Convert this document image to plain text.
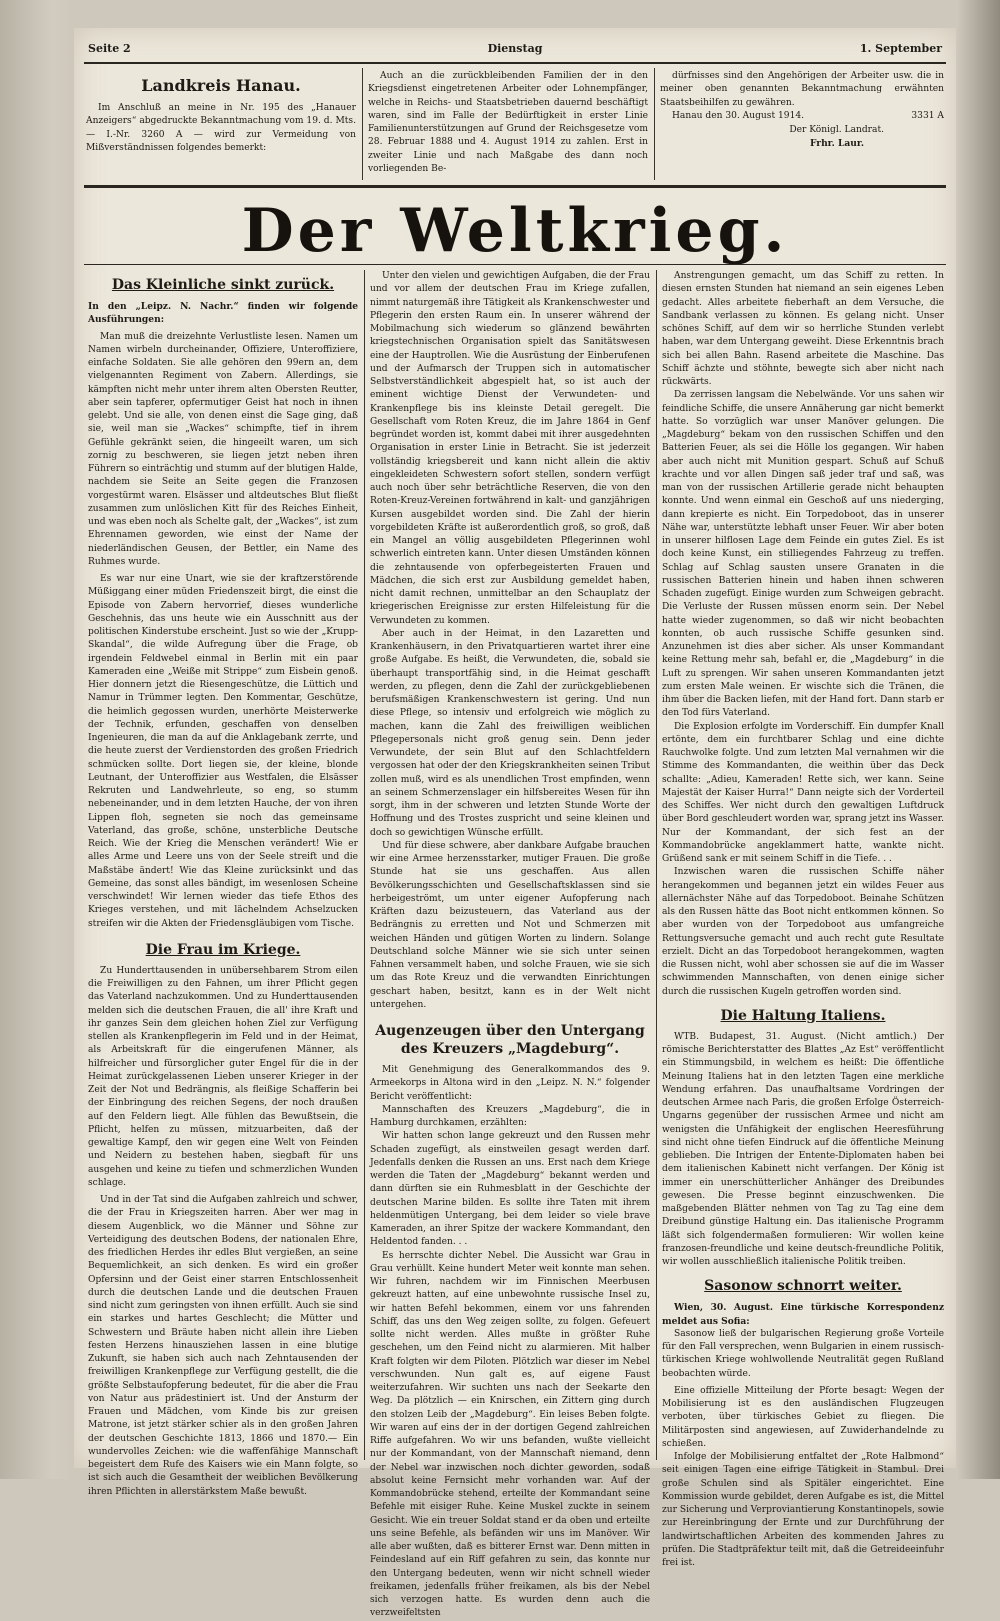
Seite 2	Dienstag	1. September
Landkreis Hanau.

Im Anschluß an meine in Nr. 195 des „Hanauer Anzeigers“ abgedruckte Bekanntmachung vom 19. d. Mts. — I.-Nr. 3260 A — wird zur Vermeidung von Mißverständnissen folgendes bemerkt:

Auch an die zurückbleibenden Familien der in den Kriegsdienst eingetretenen Arbeiter oder Lohnempfänger, welche in Reichs- und Staatsbetrieben dauernd beschäftigt waren, sind im Falle der Bedürftigkeit in erster Linie Familienunterstützungen auf Grund der Reichsgesetze vom 28. Februar 1888 und 4. August 1914 zu zahlen. Erst in zweiter Linie und nach Maßgabe des dann noch vorliegenden Be-

dürfnisses sind den Angehörigen der Arbeiter usw. die in meiner oben genannten Bekanntmachung erwähnten Staatsbeihilfen zu gewähren.

Hanau den 30. August 1914.	3331 A
Der Königl. Landrat.
Frhr. Laur.
Der Weltkrieg.
Das Kleinliche sinkt zurück.

In den „Leipz. N. Nachr.“ finden wir folgende Ausführungen:

Man muß die dreizehnte Verlustliste lesen. Namen um Namen wirbeln durcheinander, Offiziere, Unteroffiziere, einfache Soldaten. Sie alle gehören den 99ern an, dem vielgenannten Regiment von Zabern. Allerdings, sie kämpften nicht mehr unter ihrem alten Obersten Reutter, aber sein tapferer, opfermutiger Geist hat noch in ihnen gelebt. Und sie alle, von denen einst die Sage ging, daß sie, weil man sie „Wackes“ schimpfte, tief in ihrem Gefühle gekränkt seien, die hingeeilt waren, um sich zornig zu beschweren, sie liegen jetzt neben ihren Führern so einträchtig und stumm auf der blutigen Halde, nachdem sie Seite an Seite gegen die Franzosen vorgestürmt waren. Elsässer und altdeutsches Blut fließt zusammen zum unlöslichen Kitt für des Reiches Einheit, und was eben noch als Schelte galt, der „Wackes“, ist zum Ehrennamen geworden, wie einst der Name der niederländischen Geusen, der Bettler, ein Name des Ruhmes wurde.

Es war nur eine Unart, wie sie der kraftzerstörende Müßiggang einer müden Friedenszeit birgt, die einst die Episode von Zabern hervorrief, dieses wunderliche Geschehnis, das uns heute wie ein Ausschnitt aus der politischen Kinderstube erscheint. Just so wie der „Krupp-Skandal“, die wilde Aufregung über die Frage, ob irgendein Feldwebel einmal in Berlin mit ein paar Kameraden eine „Weiße mit Strippe“ zum Eisbein genoß. Hier donnern jetzt die Riesengeschütze, die Lüttich und Namur in Trümmer legten. Den Kommentar, Geschütze, die heimlich gegossen wurden, unerhörte Meisterwerke der Technik, erfunden, geschaffen von denselben Ingenieuren, die man da auf die Anklagebank zerrte, und die heute zuerst der Verdienstorden des großen Friedrich schmücken sollte. Dort liegen sie, der kleine, blonde Leutnant, der Unteroffizier aus Westfalen, die Elsässer Rekruten und Landwehrleute, so eng, so stumm nebeneinander, und in dem letzten Hauche, der von ihren Lippen floh, segneten sie noch das gemeinsame Vaterland, das große, schöne, unsterbliche Deutsche Reich. Wie der Krieg die Menschen verändert! Wie er alles Arme und Leere uns von der Seele streift und die Maßstäbe ändert! Wie das Kleine zurücksinkt und das Gemeine, das sonst alles bändigt, im wesenlosen Scheine verschwindet! Wir lernen wieder das tiefe Ethos des Krieges verstehen, und mit lächelndem Achselzucken streifen wir die Akten der Friedensgläubigen vom Tische.

Die Frau im Kriege.

Zu Hunderttausenden in unübersehbarem Strom eilen die Freiwilligen zu den Fahnen, um ihrer Pflicht gegen das Vaterland nachzukommen. Und zu Hunderttausenden melden sich die deutschen Frauen, die all' ihre Kraft und ihr ganzes Sein dem gleichen hohen Ziel zur Verfügung stellen als Krankenpflegerin im Feld und in der Heimat, als Arbeitskraft für die eingerufenen Männer, als hilfreicher und fürsorglicher guter Engel für die in der Heimat zurückgelassenen Lieben unserer Krieger in der Zeit der Not und Bedrängnis, als fleißige Schafferin bei der Einbringung des reichen Segens, der noch draußen auf den Feldern liegt. Alle fühlen das Bewußtsein, die Pflicht, helfen zu müssen, mitzuarbeiten, daß der gewaltige Kampf, den wir gegen eine Welt von Feinden und Neidern zu bestehen haben, siegbaft für uns ausgehen und keine zu tiefen und schmerzlichen Wunden schlage.

Und in der Tat sind die Aufgaben zahlreich und schwer, die der Frau in Kriegszeiten harren. Aber wer mag in diesem Augenblick, wo die Männer und Söhne zur Verteidigung des deutschen Bodens, der nationalen Ehre, des friedlichen Herdes ihr edles Blut vergießen, an seine Bequemlichkeit, an sich denken. Es wird ein großer Opfersinn und der Geist einer starren Entschlossenheit durch die deutschen Lande und die deutschen Frauen sind nicht zum geringsten von ihnen erfüllt. Auch sie sind ein starkes und hartes Geschlecht; die Mütter und Schwestern und Bräute haben nicht allein ihre Lieben festen Herzens hinausziehen lassen in eine blutige Zukunft, sie haben sich auch nach Zehntausenden der freiwilligen Krankenpflege zur Verfügung gestellt, die die größte Selbstaufopferung bedeutet, für die aber die Frau von Natur aus prädestiniert ist. Und der Ansturm der Frauen und Mädchen, vom Kinde bis zur greisen Matrone, ist jetzt stärker schier als in den großen Jahren der deutschen Geschichte 1813, 1866 und 1870.— Ein wundervolles Zeichen: wie die waffenfähige Mannschaft begeistert dem Rufe des Kaisers wie ein Mann folgte, so ist sich auch die Gesamtheit der weiblichen Bevölkerung ihren Pflichten in allerstärkstem Maße bewußt.

Unter den vielen und gewichtigen Aufgaben, die der Frau und vor allem der deutschen Frau im Kriege zufallen, nimmt naturgemäß ihre Tätigkeit als Krankenschwester und Pflegerin den ersten Raum ein. In unserer während der Mobilmachung sich wiederum so glänzend bewährten kriegstechnischen Organisation spielt das Sanitätswesen eine der Hauptrollen. Wie die Ausrüstung der Einberufenen und der Aufmarsch der Truppen sich in automatischer Selbstverständlichkeit abgespielt hat, so ist auch der eminent wichtige Dienst der Verwundeten- und Krankenpflege bis ins kleinste Detail geregelt. Die Gesellschaft vom Roten Kreuz, die im Jahre 1864 in Genf begründet worden ist, kommt dabei mit ihrer ausgedehnten Organisation in erster Linie in Betracht. Sie ist jederzeit vollständig kriegsbereit und kann nicht allein die aktiv eingekleideten Schwestern sofort stellen, sondern verfügt auch noch über sehr beträchtliche Reserven, die von den Roten-Kreuz-Vereinen fortwährend in kalt- und ganzjährigen Kursen ausgebildet worden sind. Die Zahl der hierin vorgebildeten Kräfte ist außerordentlich groß, so groß, daß ein Mangel an völlig ausgebildeten Pflegerinnen wohl schwerlich eintreten kann. Unter diesen Umständen können die zehntausende von opferbegeisterten Frauen und Mädchen, die sich erst zur Ausbildung gemeldet haben, nicht damit rechnen, unmittelbar an den Schauplatz der kriegerischen Ereignisse zur ersten Hilfeleistung für die Verwundeten zu kommen.

Aber auch in der Heimat, in den Lazaretten und Krankenhäusern, in den Privatquartieren wartet ihrer eine große Aufgabe. Es heißt, die Verwundeten, die, sobald sie überhaupt transportfähig sind, in die Heimat geschafft werden, zu pflegen, denn die Zahl der zurückgebliebenen berufsmäßigen Krankenschwestern ist gering. Und nun diese Pflege, so intensiv und erfolgreich wie möglich zu machen, kann die Zahl des freiwilligen weiblichen Pflegepersonals nicht groß genug sein. Denn jeder Verwundete, der sein Blut auf den Schlachtfeldern vergossen hat oder der den Kriegskrankheiten seinen Tribut zollen muß, wird es als unendlichen Trost empfinden, wenn an seinem Schmerzenslager ein hilfsbereites Wesen für ihn sorgt, ihm in der schweren und letzten Stunde Worte der Hoffnung und des Trostes zuspricht und seine kleinen und doch so gewichtigen Wünsche erfüllt.

Und für diese schwere, aber dankbare Aufgabe brauchen wir eine Armee herzensstarker, mutiger Frauen. Die große Stunde hat sie uns geschaffen. Aus allen Bevölkerungsschichten und Gesellschaftsklassen sind sie herbeigeströmt, um unter eigener Aufopferung nach Kräften dazu beizusteuern, das Vaterland aus der Bedrängnis zu erretten und Not und Schmerzen mit weichen Händen und gütigen Worten zu lindern. Solange Deutschland solche Männer wie sie sich unter seinen Fahnen versammelt haben, und solche Frauen, wie sie sich um das Rote Kreuz und die verwandten Einrichtungen geschart haben, besitzt, kann es in der Welt nicht untergehen.

Augenzeugen über den Untergang des Kreuzers „Magdeburg“.

Mit Genehmigung des Generalkommandos des 9. Armeekorps in Altona wird in den „Leipz. N. N.“ folgender Bericht veröffentlicht:

Mannschaften des Kreuzers „Magdeburg“, die in Hamburg durchkamen, erzählten:

Wir hatten schon lange gekreuzt und den Russen mehr Schaden zugefügt, als einstweilen gesagt werden darf. Jedenfalls denken die Russen an uns. Erst nach dem Kriege werden die Taten der „Magdeburg“ bekannt werden und dann dürften sie ein Ruhmesblatt in der Geschichte der deutschen Marine bilden. Es sollte ihre Taten mit ihrem heldenmütigen Untergang, bei dem leider so viele brave Kameraden, an ihrer Spitze der wackere Kommandant, den Heldentod fanden. . .

Es herrschte dichter Nebel. Die Aussicht war Grau in Grau verhüllt. Keine hundert Meter weit konnte man sehen. Wir fuhren, nachdem wir im Finnischen Meerbusen gekreuzt hatten, auf eine unbewohnte russische Insel zu, wir hatten Befehl bekommen, einem vor uns fahrenden Schiff, das uns den Weg zeigen sollte, zu folgen. Gefeuert sollte nicht werden. Alles mußte in größter Ruhe geschehen, um den Feind nicht zu alarmieren. Mit halber Kraft folgten wir dem Piloten. Plötzlich war dieser im Nebel verschwunden. Nun galt es, auf eigene Faust weiterzufahren. Wir suchten uns nach der Seekarte den Weg. Da plötzlich — ein Knirschen, ein Zittern ging durch den stolzen Leib der „Magdeburg“. Ein leises Beben folgte. Wir waren auf eins der in der dortigen Gegend zahlreichen Riffe aufgefahren. Wo wir uns befanden, wußte vielleicht nur der Kommandant, von der Mannschaft niemand, denn der Nebel war inzwischen noch dichter geworden, sodaß absolut keine Fernsicht mehr vorhanden war. Auf der Kommandobrücke stehend, erteilte der Kommandant seine Befehle mit eisiger Ruhe. Keine Muskel zuckte in seinem Gesicht. Wie ein treuer Soldat stand er da oben und erteilte uns seine Befehle, als befänden wir uns im Manöver. Wir alle aber wußten, daß es bitterer Ernst war. Denn mitten in Feindesland auf ein Riff gefahren zu sein, das konnte nur den Untergang bedeuten, wenn wir nicht schnell wieder freikamen, jedenfalls früher freikamen, als bis der Nebel sich verzogen hatte. Es wurden denn auch die verzweifeltsten

Anstrengungen gemacht, um das Schiff zu retten. In diesen ernsten Stunden hat niemand an sein eigenes Leben gedacht. Alles arbeitete fieberhaft an dem Versuche, die Sandbank verlassen zu können. Es gelang nicht. Unser schönes Schiff, auf dem wir so herrliche Stunden verlebt haben, war dem Untergang geweiht. Diese Erkenntnis brach sich bei allen Bahn. Rasend arbeitete die Maschine. Das Schiff ächzte und stöhnte, bewegte sich aber nicht nach rückwärts.

Da zerrissen langsam die Nebelwände. Vor uns sahen wir feindliche Schiffe, die unsere Annäherung gar nicht bemerkt hatte. So vorzüglich war unser Manöver gelungen. Die „Magdeburg“ bekam von den russischen Schiffen und den Batterien Feuer, als sei die Hölle los gegangen. Wir haben aber auch nicht mit Munition gespart. Schuß auf Schuß krachte und vor allen Dingen saß jeder traf und saß, was man von der russischen Artillerie gerade nicht behaupten konnte. Und wenn einmal ein Geschoß auf uns niederging, dann krepierte es nicht. Ein Torpedoboot, das in unserer Nähe war, unterstützte lebhaft unser Feuer. Wir aber boten in unserer hilflosen Lage dem Feinde ein gutes Ziel. Es ist doch keine Kunst, ein stilliegendes Fahrzeug zu treffen. Schlag auf Schlag sausten unsere Granaten in die russischen Batterien hinein und haben ihnen schweren Schaden zugefügt. Einige wurden zum Schweigen gebracht. Die Verluste der Russen müssen enorm sein. Der Nebel hatte wieder zugenommen, so daß wir nicht beobachten konnten, ob auch russische Schiffe gesunken sind. Anzunehmen ist dies aber sicher. Als unser Kommandant keine Rettung mehr sah, befahl er, die „Magdeburg“ in die Luft zu sprengen. Wir sahen unseren Kommandanten jetzt zum ersten Male weinen. Er wischte sich die Tränen, die ihm über die Backen liefen, mit der Hand fort. Dann starb er den Tod fürs Vaterland.

Die Explosion erfolgte im Vorderschiff. Ein dumpfer Knall ertönte, dem ein furchtbarer Schlag und eine dichte Rauchwolke folgte. Und zum letzten Mal vernahmen wir die Stimme des Kommandanten, die weithin über das Deck schallte: „Adieu, Kameraden! Rette sich, wer kann. Seine Majestät der Kaiser Hurra!“ Dann neigte sich der Vorderteil des Schiffes. Wer nicht durch den gewaltigen Luftdruck über Bord geschleudert worden war, sprang jetzt ins Wasser. Nur der Kommandant, der sich fest an der Kommandobrücke angeklammert hatte, wankte nicht. Grüßend sank er mit seinem Schiff in die Tiefe. . .

Inzwischen waren die russischen Schiffe näher herangekommen und begannen jetzt ein wildes Feuer aus allernächster Nähe auf das Torpedoboot. Beinahe Schützen als den Russen hätte das Boot nicht entkommen können. So aber wurden von der Torpedoboot aus umfangreiche Rettungsversuche gemacht und auch recht gute Resultate erzielt. Dicht an das Torpedoboot herangekommen, wagten die Russen nicht, wohl aber schossen sie auf die im Wasser schwimmenden Mannschaften, von denen einige sicher durch die russischen Kugeln getroffen worden sind.

Die Haltung Italiens.

WTB. Budapest, 31. August. (Nicht amtlich.) Der römische Berichterstatter des Blattes „Az Est“ veröffentlicht ein Stimmungsbild, in welchem es heißt: Die öffentliche Meinung Italiens hat in den letzten Tagen eine merkliche Wendung erfahren. Das unaufhaltsame Vordringen der deutschen Armee nach Paris, die großen Erfolge Österreich-Ungarns gegenüber der russischen Armee und nicht am wenigsten die Unfähigkeit der englischen Heeresführung sind nicht ohne tiefen Eindruck auf die öffentliche Meinung geblieben. Die Intrigen der Entente-Diplomaten haben bei dem italienischen Kabinett nicht verfangen. Der König ist immer ein unerschütterlicher Anhänger des Dreibundes gewesen. Die Presse beginnt einzuschwenken. Die maßgebenden Blätter nehmen von Tag zu Tag eine dem Dreibund günstige Haltung ein. Das italienische Programm läßt sich folgendermaßen formulieren: Wir wollen keine franzosen-freundliche und keine deutsch-freundliche Politik, wir wollen ausschließlich italienische Politik treiben.

Sasonow schnorrt weiter.

Wien, 30. August. Eine türkische Korrespondenz meldet aus Sofia:

Sasonow ließ der bulgarischen Regierung große Vorteile für den Fall versprechen, wenn Bulgarien in einem russisch-türkischen Kriege wohlwollende Neutralität gegen Rußland beobachten würde.

Eine offizielle Mitteilung der Pforte besagt: Wegen der Mobilisierung ist es den ausländischen Flugzeugen verboten, über türkisches Gebiet zu fliegen. Die Militärposten sind angewiesen, auf Zuwiderhandelnde zu schießen.

Infolge der Mobilisierung entfaltet der „Rote Halbmond“ seit einigen Tagen eine eifrige Tätigkeit in Stambul. Drei große Schulen sind als Spitäler eingerichtet. Eine Kommission wurde gebildet, deren Aufgabe es ist, die Mittel zur Sicherung und Verproviantierung Konstantinopels, sowie zur Hereinbringung der Ernte und zur Durchführung der landwirtschaftlichen Arbeiten des kommenden Jahres zu prüfen. Die Stadtpräfektur teilt mit, daß die Getreideeinfuhr frei ist.
